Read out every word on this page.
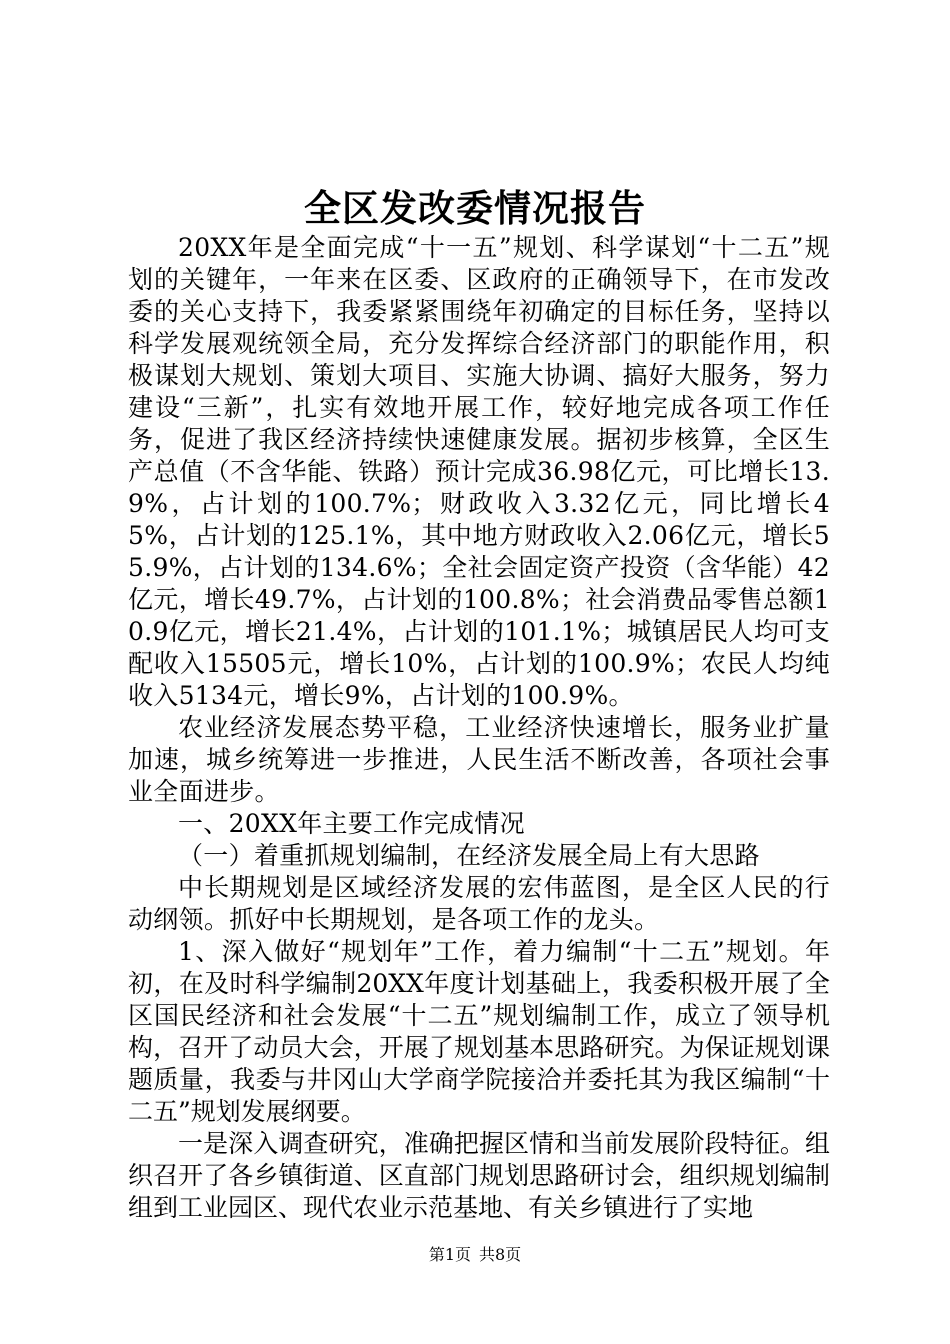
全区发改委情况报告

20XX年是全面完成“十一五”规划、科学谋划“十二五”规划的关键年，一年来在区委、区政府的正确领导下，在市发改委的关心支持下，我委紧紧围绕年初确定的目标任务，坚持以科学发展观统领全局，充分发挥综合经济部门的职能作用，积极谋划大规划、策划大项目、实施大协调、搞好大服务，努力建设“三新”，扎实有效地开展工作，较好地完成各项工作任务，促进了我区经济持续快速健康发展。据初步核算，全区生产总值（不含华能、铁路）预计完成36.98亿元，可比增长13.9%，占计划的100.7%；财政收入3.32亿元，同比增长45%，占计划的125.1%，其中地方财政收入2.06亿元，增长55.9%，占计划的134.6%；全社会固定资产投资（含华能）42亿元，增长49.7%，占计划的100.8%；社会消费品零售总额10.9亿元，增长21.4%，占计划的101.1%；城镇居民人均可支配收入15505元，增长10%，占计划的100.9%；农民人均纯收入5134元，增长9%，占计划的100.9%。

农业经济发展态势平稳，工业经济快速增长，服务业扩量加速，城乡统筹进一步推进，人民生活不断改善，各项社会事业全面进步。

一、20XX年主要工作完成情况

（一）着重抓规划编制，在经济发展全局上有大思路

中长期规划是区域经济发展的宏伟蓝图，是全区人民的行动纲领。抓好中长期规划，是各项工作的龙头。

1、深入做好“规划年”工作，着力编制“十二五”规划。年初，在及时科学编制20XX年度计划基础上，我委积极开展了全区国民经济和社会发展“十二五”规划编制工作，成立了领导机构，召开了动员大会，开展了规划基本思路研究。为保证规划课题质量，我委与井冈山大学商学院接洽并委托其为我区编制“十二五”规划发展纲要。

一是深入调查研究，准确把握区情和当前发展阶段特征。组织召开了各乡镇街道、区直部门规划思路研讨会，组织规划编制组到工业园区、现代农业示范基地、有关乡镇进行了实地

第1页 共8页
